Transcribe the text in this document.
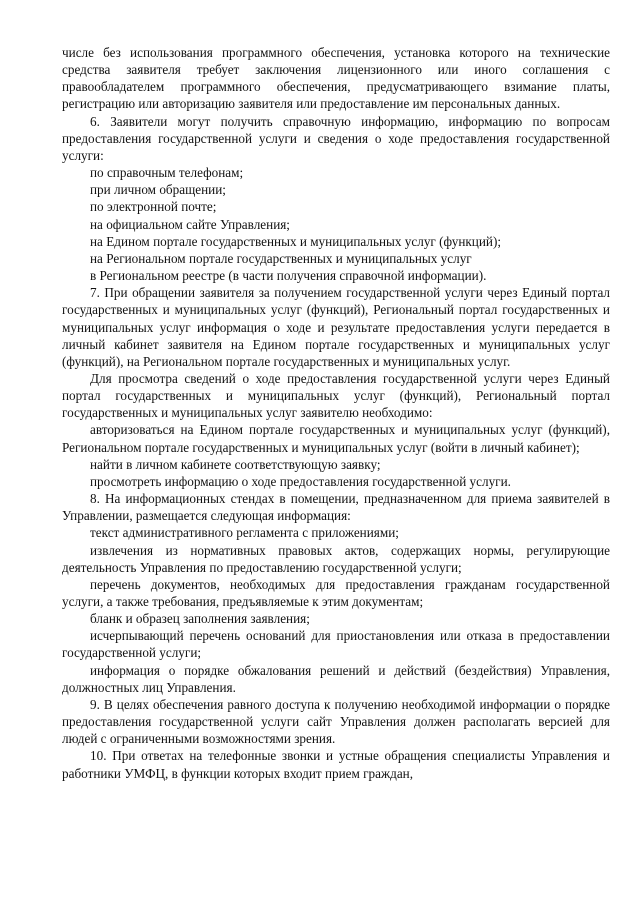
числе без использования программного обеспечения, установка которого на технические средства заявителя требует заключения лицензионного или иного соглашения с правообладателем программного обеспечения, предусматривающего взимание платы, регистрацию или авторизацию заявителя или предоставление им персональных данных.

6. Заявители могут получить справочную информацию, информацию по вопросам предоставления государственной услуги и сведения о ходе предоставления государственной услуги:

по справочным телефонам;

при личном обращении;

по электронной почте;

на официальном сайте Управления;

на Едином портале государственных и муниципальных услуг (функций);

на Региональном портале государственных и муниципальных услуг

в Региональном реестре (в части получения справочной информации).

7. При обращении заявителя за получением государственной услуги через Единый портал государственных и муниципальных услуг (функций), Региональный портал государственных и муниципальных услуг информация о ходе и результате предоставления услуги передается в личный кабинет заявителя на Едином портале государственных и муниципальных услуг (функций), на Региональном портале государственных и муниципальных услуг.

Для просмотра сведений о ходе предоставления государственной услуги через Единый портал государственных и муниципальных услуг (функций), Региональный портал государственных и муниципальных услуг заявителю необходимо:

авторизоваться на Едином портале государственных и муниципальных услуг (функций), Региональном портале государственных и муниципальных услуг (войти в личный кабинет);

найти в личном кабинете соответствующую заявку;

просмотреть информацию о ходе предоставления государственной услуги.

8. На информационных стендах в помещении, предназначенном для приема заявителей в Управлении, размещается следующая информация:

текст административного регламента с приложениями;

извлечения из нормативных правовых актов, содержащих нормы, регулирующие деятельность Управления по предоставлению государственной услуги;

перечень документов, необходимых для предоставления гражданам государственной услуги, а также требования, предъявляемые к этим документам;

бланк и образец заполнения заявления;

исчерпывающий перечень оснований для приостановления или отказа в предоставлении государственной услуги;

информация о порядке обжалования решений и действий (бездействия) Управления, должностных лиц Управления.

9. В целях обеспечения равного доступа к получению необходимой информации о порядке предоставления государственной услуги сайт Управления должен располагать версией для людей с ограниченными возможностями зрения.

10. При ответах на телефонные звонки и устные обращения специалисты Управления и работники УМФЦ, в функции которых входит прием граждан,
